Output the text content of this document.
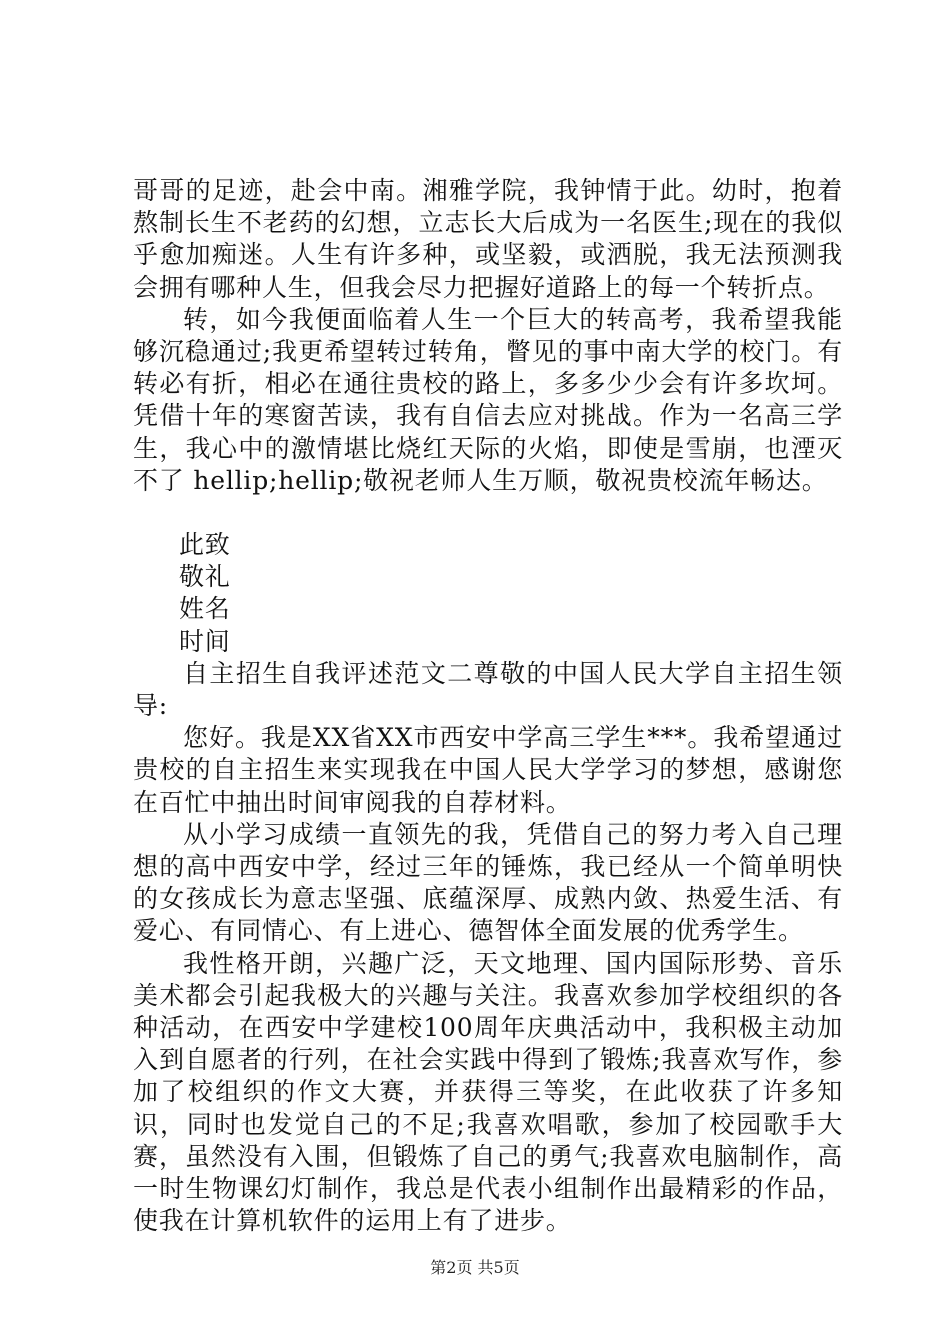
哥哥的足迹，赴会中南。湘雅学院，我钟情于此。幼时，抱着熬制长生不老药的幻想，立志长大后成为一名医生;现在的我似乎愈加痴迷。人生有许多种，或坚毅，或洒脱，我无法预测我会拥有哪种人生，但我会尽力把握好道路上的每一个转折点。

转，如今我便面临着人生一个巨大的转高考，我希望我能够沉稳通过;我更希望转过转角，瞥见的事中南大学的校门。有转必有折，相必在通往贵校的路上，多多少少会有许多坎坷。凭借十年的寒窗苦读，我有自信去应对挑战。作为一名高三学生，我心中的激情堪比烧红天际的火焰，即使是雪崩，也湮灭不了 hellip;hellip;敬祝老师人生万顺，敬祝贵校流年畅达。

此致

敬礼

姓名

时间

自主招生自我评述范文二尊敬的中国人民大学自主招生领导:

您好。我是XX省XX市西安中学高三学生***。我希望通过贵校的自主招生来实现我在中国人民大学学习的梦想，感谢您在百忙中抽出时间审阅我的自荐材料。

从小学习成绩一直领先的我，凭借自己的努力考入自己理想的高中西安中学，经过三年的锤炼，我已经从一个简单明快的女孩成长为意志坚强、底蕴深厚、成熟内敛、热爱生活、有爱心、有同情心、有上进心、德智体全面发展的优秀学生。

我性格开朗，兴趣广泛，天文地理、国内国际形势、音乐美术都会引起我极大的兴趣与关注。我喜欢参加学校组织的各种活动，在西安中学建校100周年庆典活动中，我积极主动加入到自愿者的行列，在社会实践中得到了锻炼;我喜欢写作，参加了校组织的作文大赛，并获得三等奖，在此收获了许多知识，同时也发觉自己的不足;我喜欢唱歌，参加了校园歌手大赛，虽然没有入围，但锻炼了自己的勇气;我喜欢电脑制作，高一时生物课幻灯制作，我总是代表小组制作出最精彩的作品，使我在计算机软件的运用上有了进步。

第2页 共5页
